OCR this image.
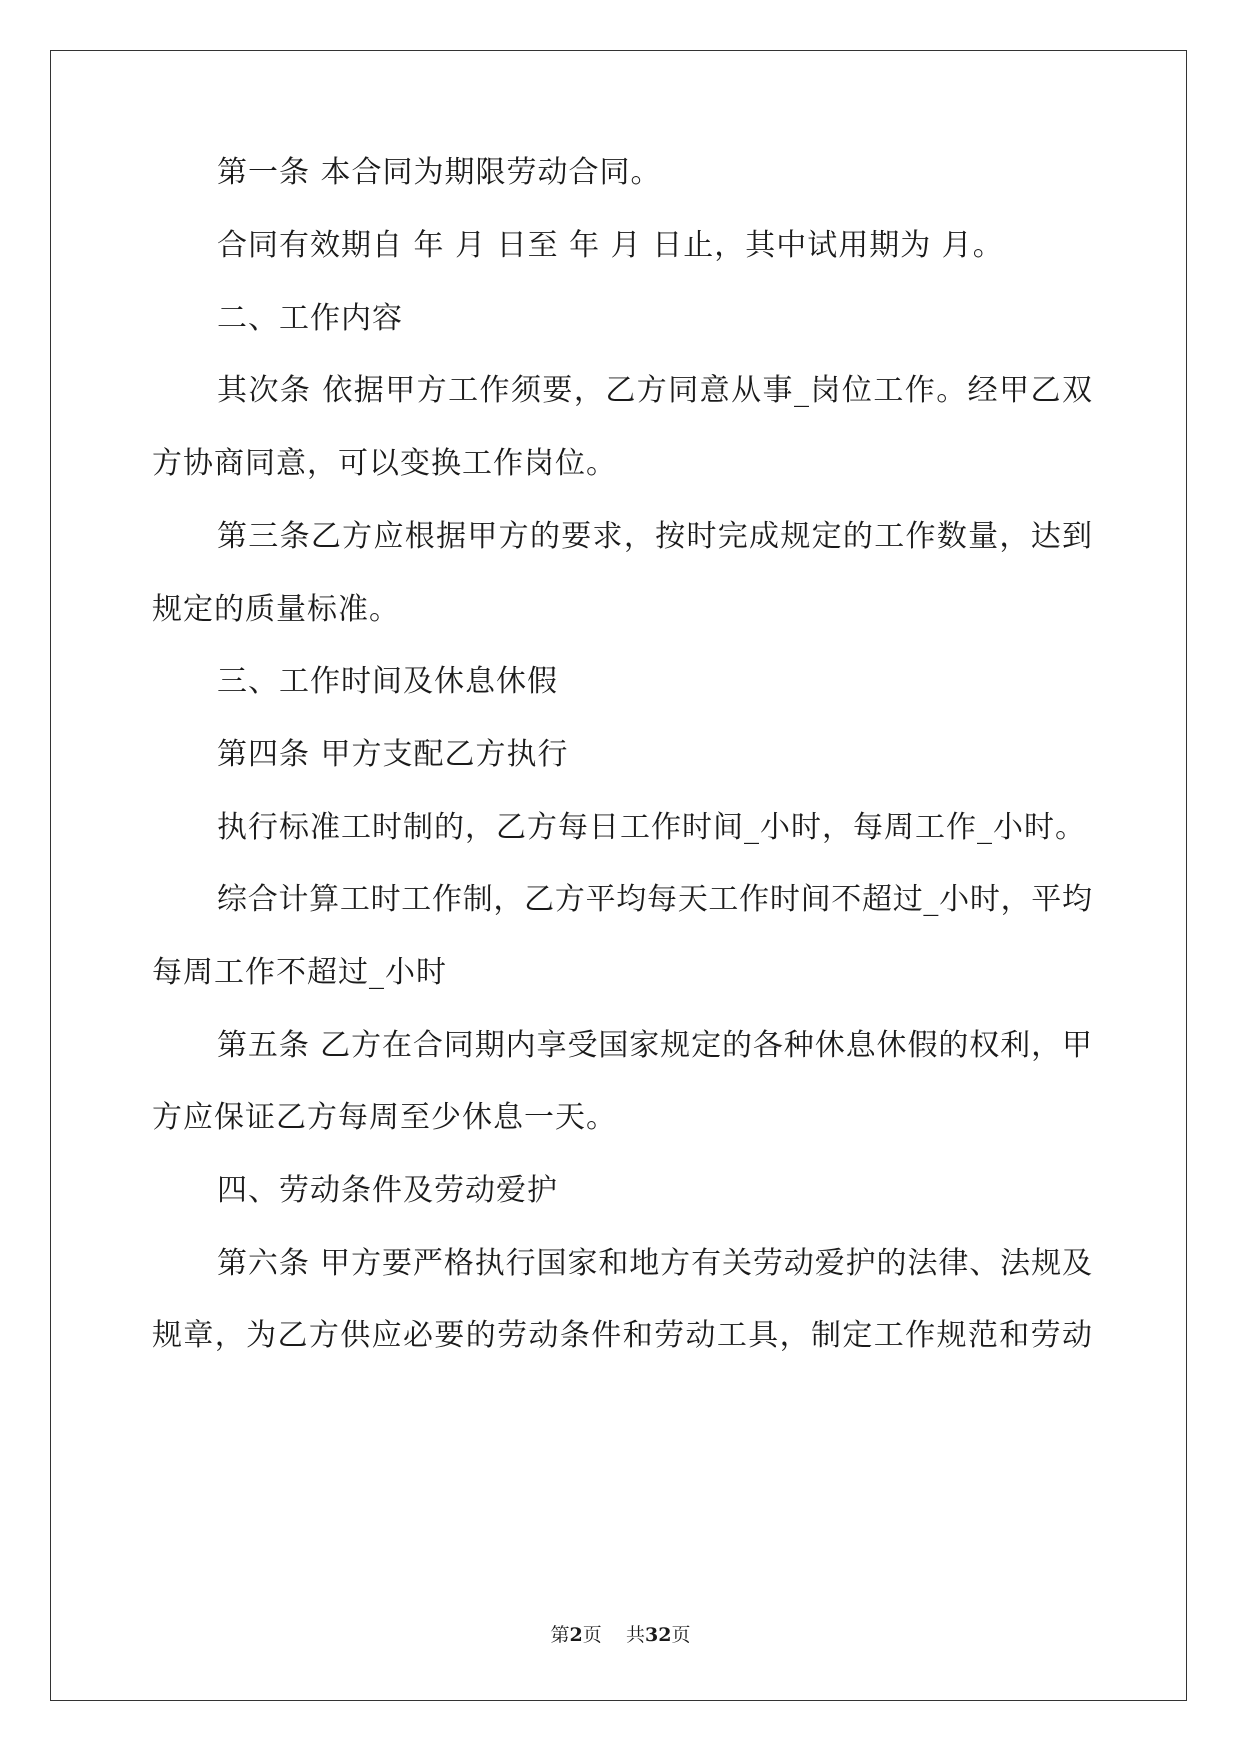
第一条 本合同为期限劳动合同。

合同有效期自 年 月 日至 年 月 日止，其中试用期为 月。

二、工作内容

其次条 依据甲方工作须要，乙方同意从事_岗位工作。经甲乙双

方协商同意，可以变换工作岗位。

第三条乙方应根据甲方的要求，按时完成规定的工作数量，达到

规定的质量标准。

三、工作时间及休息休假

第四条 甲方支配乙方执行

执行标准工时制的，乙方每日工作时间_小时，每周工作_小时。

综合计算工时工作制，乙方平均每天工作时间不超过_小时，平均

每周工作不超过_小时

第五条 乙方在合同期内享受国家规定的各种休息休假的权利，甲

方应保证乙方每周至少休息一天。

四、劳动条件及劳动爱护

第六条 甲方要严格执行国家和地方有关劳动爱护的法律、法规及

规章，为乙方供应必要的劳动条件和劳动工具，制定工作规范和劳动

第2页 共32页
